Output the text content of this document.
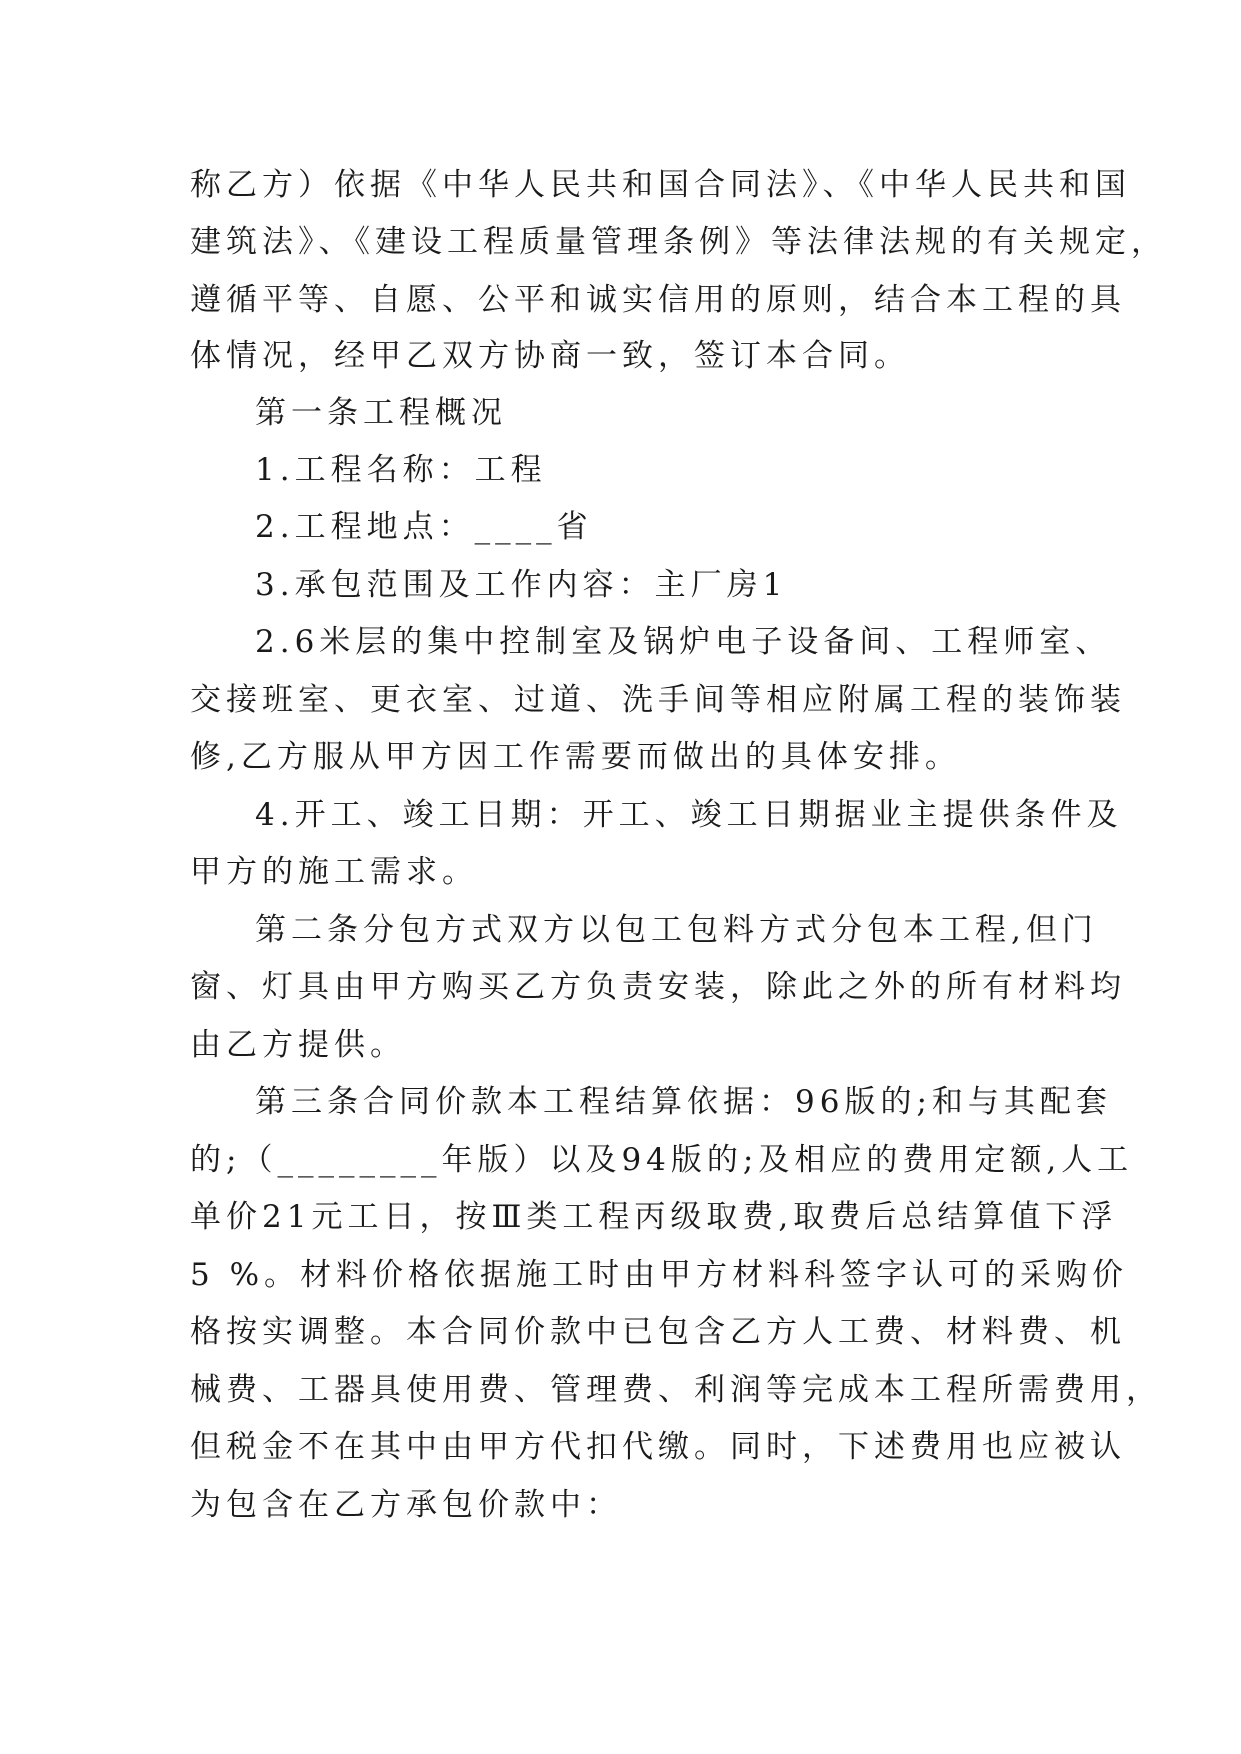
称乙方）依据《中华人民共和国合同法》、《中华人民共和国
建筑法》、《建设工程质量管理条例》等法律法规的有关规定，
遵循平等、自愿、公平和诚实信用的原则，结合本工程的具
体情况，经甲乙双方协商一致，签订本合同。
第一条工程概况
1.工程名称：工程
2.工程地点：____省
3.承包范围及工作内容：主厂房1
2.6米层的集中控制室及锅炉电子设备间、工程师室、
交接班室、更衣室、过道、洗手间等相应附属工程的装饰装
修,乙方服从甲方因工作需要而做出的具体安排。
4.开工、竣工日期：开工、竣工日期据业主提供条件及
甲方的施工需求。
第二条分包方式双方以包工包料方式分包本工程,但门
窗、灯具由甲方购买乙方负责安装，除此之外的所有材料均
由乙方提供。
第三条合同价款本工程结算依据：96版的;和与其配套
的;（________年版）以及94版的;及相应的费用定额,人工
单价21元工日，按Ⅲ类工程丙级取费,取费后总结算值下浮
5 %。材料价格依据施工时由甲方材料科签字认可的采购价
格按实调整。本合同价款中已包含乙方人工费、材料费、机
械费、工器具使用费、管理费、利润等完成本工程所需费用，
但税金不在其中由甲方代扣代缴。同时，下述费用也应被认
为包含在乙方承包价款中：
